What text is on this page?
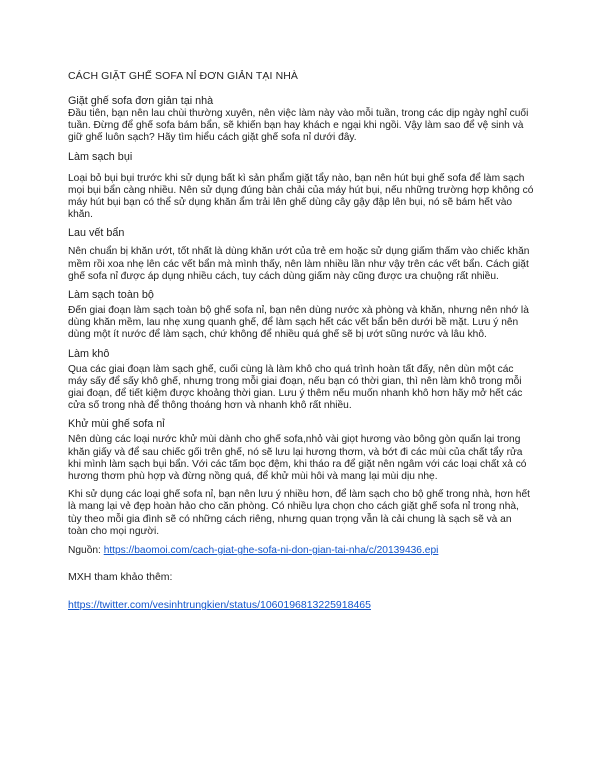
CÁCH GIẶT GHẾ SOFA NỈ ĐƠN GIẢN TẠI NHÀ
Giặt ghế sofa đơn giản tại nhà
Đầu tiên, bạn nên lau chùi thường xuyên, nên việc làm này vào mỗi tuần, trong các dịp ngày nghỉ cuối tuần. Đừng để ghế sofa bám bẩn, sẽ khiến bạn hay khách e ngại khi ngồi. Vậy làm sao để vệ sinh và giữ ghế luôn sạch? Hãy tìm hiểu cách giặt ghế sofa nỉ dưới đây.
Làm sạch bụi
Loại bỏ bụi bụi trước khi sử dụng bất kì sản phẩm giặt tẩy nào, bạn nên hút bụi ghế sofa để làm sạch mọi bụi bẩn càng nhiều. Nên sử dụng đúng bàn chải của máy hút bụi, nếu những trường hợp không có máy hút bụi bạn có thể sử dụng khăn ẩm trải lên ghế dùng cây gậy đập lên bụi, nó sẽ bám hết vào khăn.
Lau vết bẩn
Nên chuẩn bị khăn ướt, tốt nhất là dùng khăn ướt của trẻ em hoặc sử dụng giấm thấm vào chiếc khăn mềm rồi xoa nhẹ lên các vết bẩn mà mình thấy, nên làm nhiều lần như vậy trên các vết bẩn. Cách giặt ghế sofa nỉ được áp dụng nhiều cách, tuy cách dùng giấm này cũng được ưa chuộng rất nhiều.
Làm sạch toàn bộ
Đến giai đoạn làm sạch toàn bộ ghế sofa nỉ, bạn nên dùng nước xà phòng và khăn, nhưng nên nhớ là dùng khăn mềm, lau nhẹ xung quanh ghế, để làm sạch hết các vết bẩn bên dưới bề mặt. Lưu ý nên dùng một ít nước để làm sạch, chứ không để nhiều quá ghế sẽ bị ướt sũng nước và lâu khô.
Làm khô
Qua các giai đoạn làm sạch ghế, cuối cùng là làm khô cho quá trình hoàn tất đấy, nên dùn một các máy sấy để sấy khô ghế, nhưng trong mỗi giai đoạn, nếu bạn có thời gian, thì nên làm khô trong mỗi giai đoạn, để tiết kiệm được khoảng thời gian. Lưu ý thêm nếu muốn nhanh khô hơn hãy mở hết các cửa số trong nhà để thông thoáng hơn và nhanh khô rất nhiều.
Khử mùi ghế sofa nỉ
Nên dùng các loại nước khử mùi dành cho ghế sofa,nhỏ vài giọt hương vào bông gòn quấn lại trong khăn giấy và để sau chiếc gối trên ghế, nó sẽ lưu lại hương thơm, và bớt đi các mùi của chất tẩy rửa khi mình làm sạch bụi bẩn. Với các tấm bọc đệm, khi tháo ra để giặt nên ngâm với các loại chất xả có hương thơm phù hợp và đừng nồng quá, để khử mùi hôi và mang lại mùi dịu nhẹ.
Khi sử dụng các loại ghế sofa nỉ, bạn nên lưu ý nhiều hơn, để làm sạch cho bộ ghế trong nhà, hơn hết là mang lại vẻ đẹp hoàn hảo cho căn phòng. Có nhiều lựa chọn cho cách giặt ghế sofa nỉ trong nhà, tùy theo mỗi gia đình sẽ có những cách riêng, nhưng quan trọng vẫn là cải chung là sạch sẽ và an toàn cho mọi người.
Nguồn: https://baomoi.com/cach-giat-ghe-sofa-ni-don-gian-tai-nha/c/20139436.epi
MXH tham khảo thêm:
https://twitter.com/vesinhtrungkien/status/1060196813225918465
